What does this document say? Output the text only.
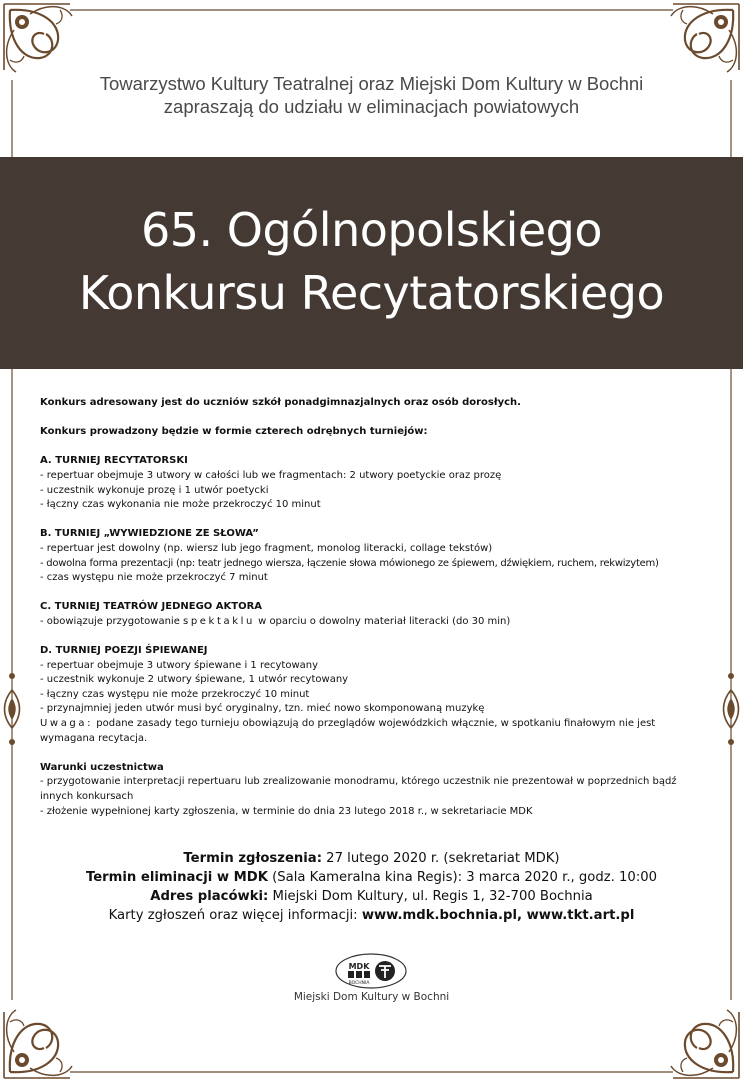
Towarzystwo Kultury Teatralnej oraz Miejski Dom Kultury w Bochni
zapraszają do udziału w eliminacjach powiatowych
65. Ogólnopolskiego
Konkursu Recytatorskiego

Konkurs adresowany jest do uczniów szkół ponadgimnazjalnych oraz osób dorosłych.

Konkurs prowadzony będzie w formie czterech odrębnych turniejów:

A. TURNIEJ RECYTATORSKI

- repertuar obejmuje 3 utwory w całości lub we fragmentach: 2 utwory poetyckie oraz prozę

- uczestnik wykonuje prozę i 1 utwór poetycki

- łączny czas wykonania nie może przekroczyć 10 minut

B. TURNIEJ „WYWIEDZIONE ZE SŁOWA”

- repertuar jest dowolny (np. wiersz lub jego fragment, monolog literacki, collage tekstów)

- dowolna forma prezentacji (np: teatr jednego wiersza, łączenie słowa mówionego ze śpiewem, dźwiękiem, ruchem, rekwizytem)

- czas występu nie może przekroczyć 7 minut

C. TURNIEJ TEATRÓW JEDNEGO AKTORA

- obowiązuje przygotowanie spektaklu w oparciu o dowolny materiał literacki (do 30 min)

D. TURNIEJ POEZJI ŚPIEWANEJ

- repertuar obejmuje 3 utwory śpiewane i 1 recytowany

- uczestnik wykonuje 2 utwory śpiewane, 1 utwór recytowany

- łączny czas występu nie może przekroczyć 10 minut

- przynajmniej jeden utwór musi być oryginalny, tzn. mieć nowo skomponowaną muzykę

Uwaga: podane zasady tego turnieju obowiązują do przeglądów wojewódzkich włącznie, w spotkaniu finałowym nie jest

wymagana recytacja.

Warunki uczestnictwa

- przygotowanie interpretacji repertuaru lub zrealizowanie monodramu, którego uczestnik nie prezentował w poprzednich bądź

innych konkursach

- złożenie wypełnionej karty zgłoszenia, w terminie do dnia 23 lutego 2018 r., w sekretariacie MDK

Termin zgłoszenia: 27 lutego 2020 r. (sekretariat MDK)

Termin eliminacji w MDK (Sala Kameralna kina Regis): 3 marca 2020 r., godz. 10:00

Adres placówki: Miejski Dom Kultury, ul. Regis 1, 32-700 Bochnia

Karty zgłoszeń oraz więcej informacji: www.mdk.bochnia.pl, www.tkt.art.pl

MDK
BOCHNIA
Miejski Dom Kultury w Bochni
